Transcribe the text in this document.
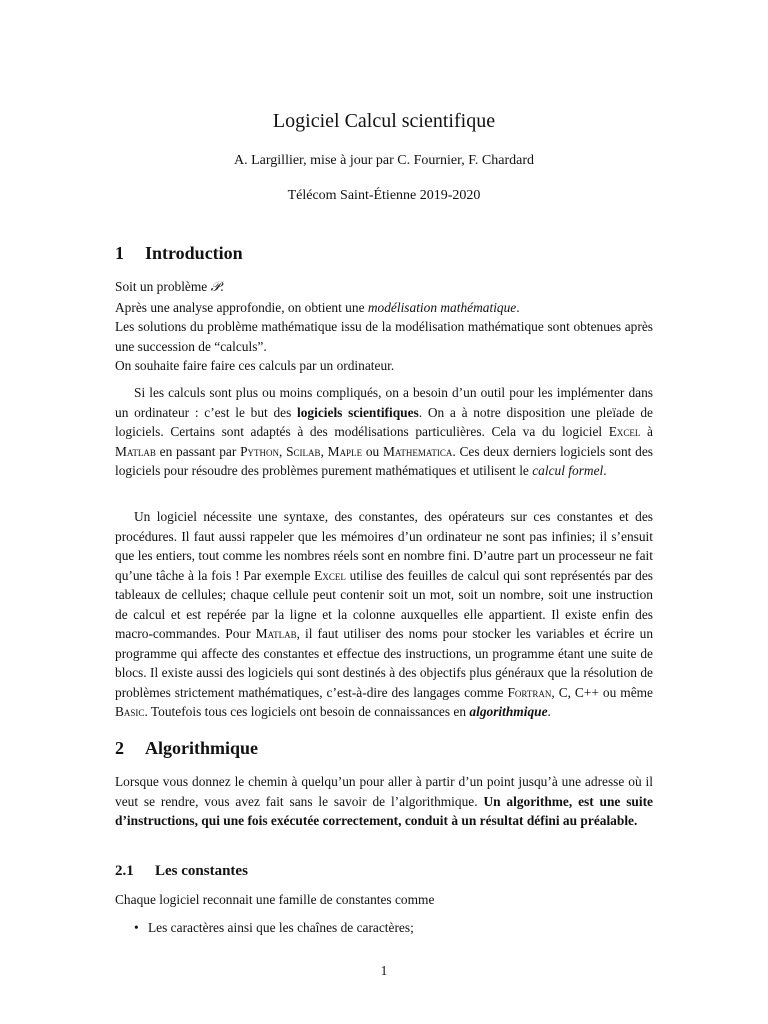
Logiciel Calcul scientifique
A. Largillier, mise à jour par C. Fournier, F. Chardard
Télécom Saint-Étienne 2019-2020
1 Introduction

Soit un problème 𝒫.

Après une analyse approfondie, on obtient une modélisation mathématique.

Les solutions du problème mathématique issu de la modélisation mathématique sont obtenues après une succession de “calculs”.

On souhaite faire faire ces calculs par un ordinateur.

Si les calculs sont plus ou moins compliqués, on a besoin d’un outil pour les implémenter dans un ordinateur : c’est le but des logiciels scientifiques. On a à notre disposition une pleïade de logiciels. Certains sont adaptés à des modélisations particulières. Cela va du logiciel Excel à Matlab en passant par Python, Scilab, Maple ou Mathematica. Ces deux derniers logiciels sont des logiciels pour résoudre des problèmes purement mathématiques et utilisent le calcul formel.

Un logiciel nécessite une syntaxe, des constantes, des opérateurs sur ces constantes et des procédures. Il faut aussi rappeler que les mémoires d’un ordinateur ne sont pas infinies; il s’ensuit que les entiers, tout comme les nombres réels sont en nombre fini. D’autre part un processeur ne fait qu’une tâche à la fois ! Par exemple Excel utilise des feuilles de calcul qui sont représentés par des tableaux de cellules; chaque cellule peut contenir soit un mot, soit un nombre, soit une instruction de calcul et est repérée par la ligne et la colonne auxquelles elle appartient. Il existe enfin des macro-commandes. Pour Matlab, il faut utiliser des noms pour stocker les variables et écrire un programme qui affecte des constantes et effectue des instructions, un programme étant une suite de blocs. Il existe aussi des logiciels qui sont destinés à des objectifs plus généraux que la résolution de problèmes strictement mathématiques, c’est-à-dire des langages comme Fortran, C, C++ ou même Basic. Toutefois tous ces logiciels ont besoin de connaissances en algorithmique.

2 Algorithmique

Lorsque vous donnez le chemin à quelqu’un pour aller à partir d’un point jusqu’à une adresse où il veut se rendre, vous avez fait sans le savoir de l’algorithmique. Un algorithme, est une suite d’instructions, qui une fois exécutée correctement, conduit à un résultat défini au préalable.

2.1 Les constantes

Chaque logiciel reconnait une famille de constantes comme

• Les caractères ainsi que les chaînes de caractères;
1
